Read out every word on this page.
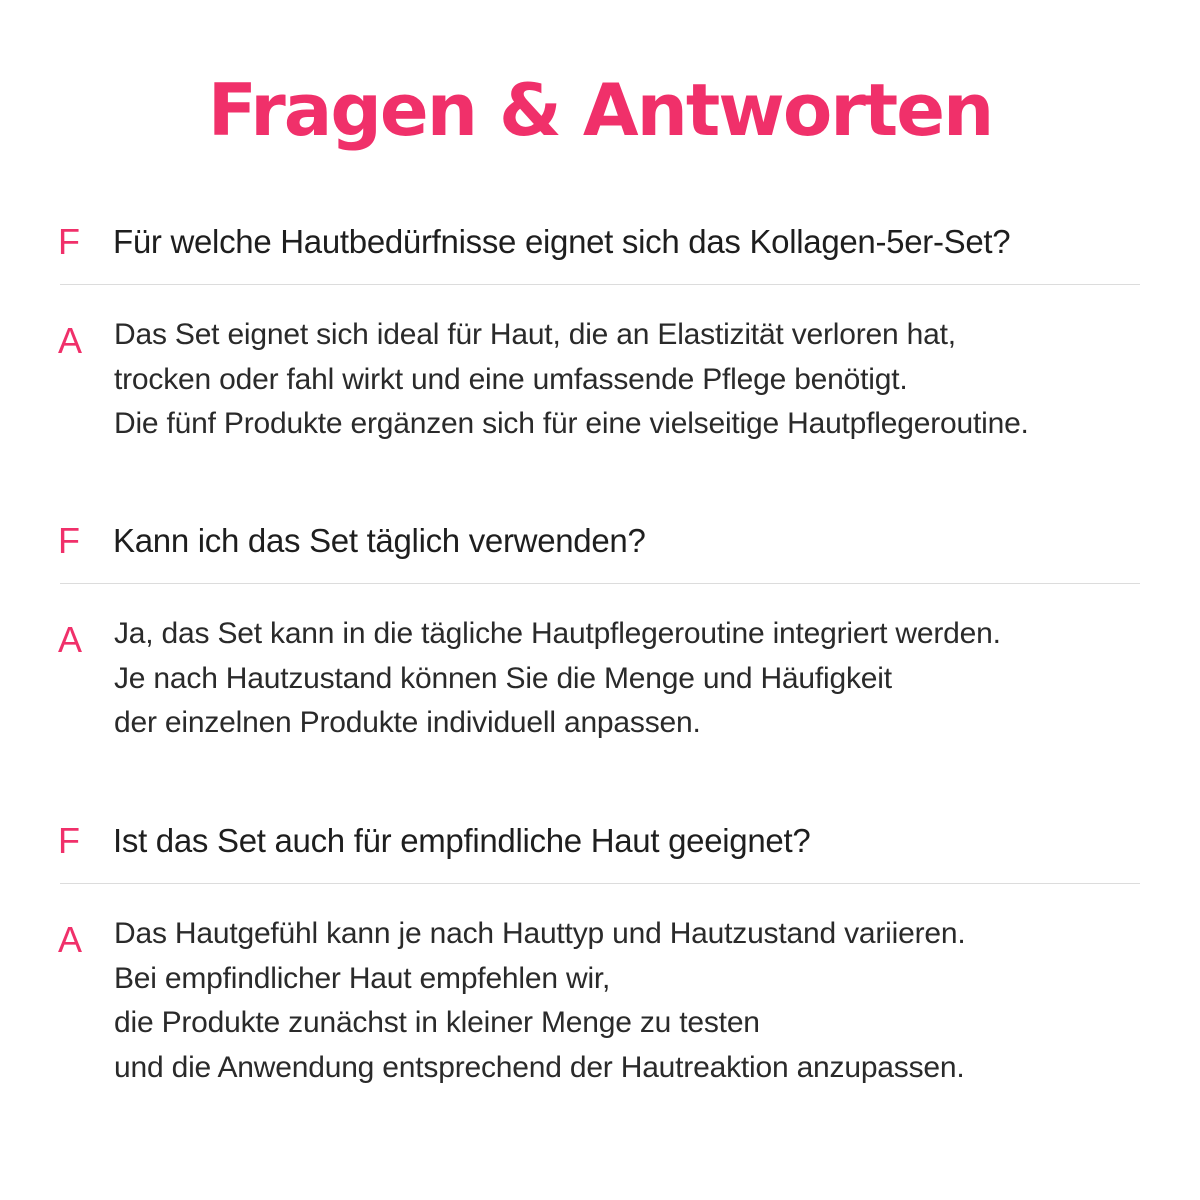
Fragen & Antworten
F Für welche Hautbedürfnisse eignet sich das Kollagen-5er-Set?
A Das Set eignet sich ideal für Haut, die an Elastizität verloren hat,
trocken oder fahl wirkt und eine umfassende Pflege benötigt.
Die fünf Produkte ergänzen sich für eine vielseitige Hautpflegeroutine.
F Kann ich das Set täglich verwenden?
A Ja, das Set kann in die tägliche Hautpflegeroutine integriert werden.
Je nach Hautzustand können Sie die Menge und Häufigkeit
der einzelnen Produkte individuell anpassen.
F Ist das Set auch für empfindliche Haut geeignet?
A Das Hautgefühl kann je nach Hauttyp und Hautzustand variieren.
Bei empfindlicher Haut empfehlen wir,
die Produkte zunächst in kleiner Menge zu testen
und die Anwendung entsprechend der Hautreaktion anzupassen.
